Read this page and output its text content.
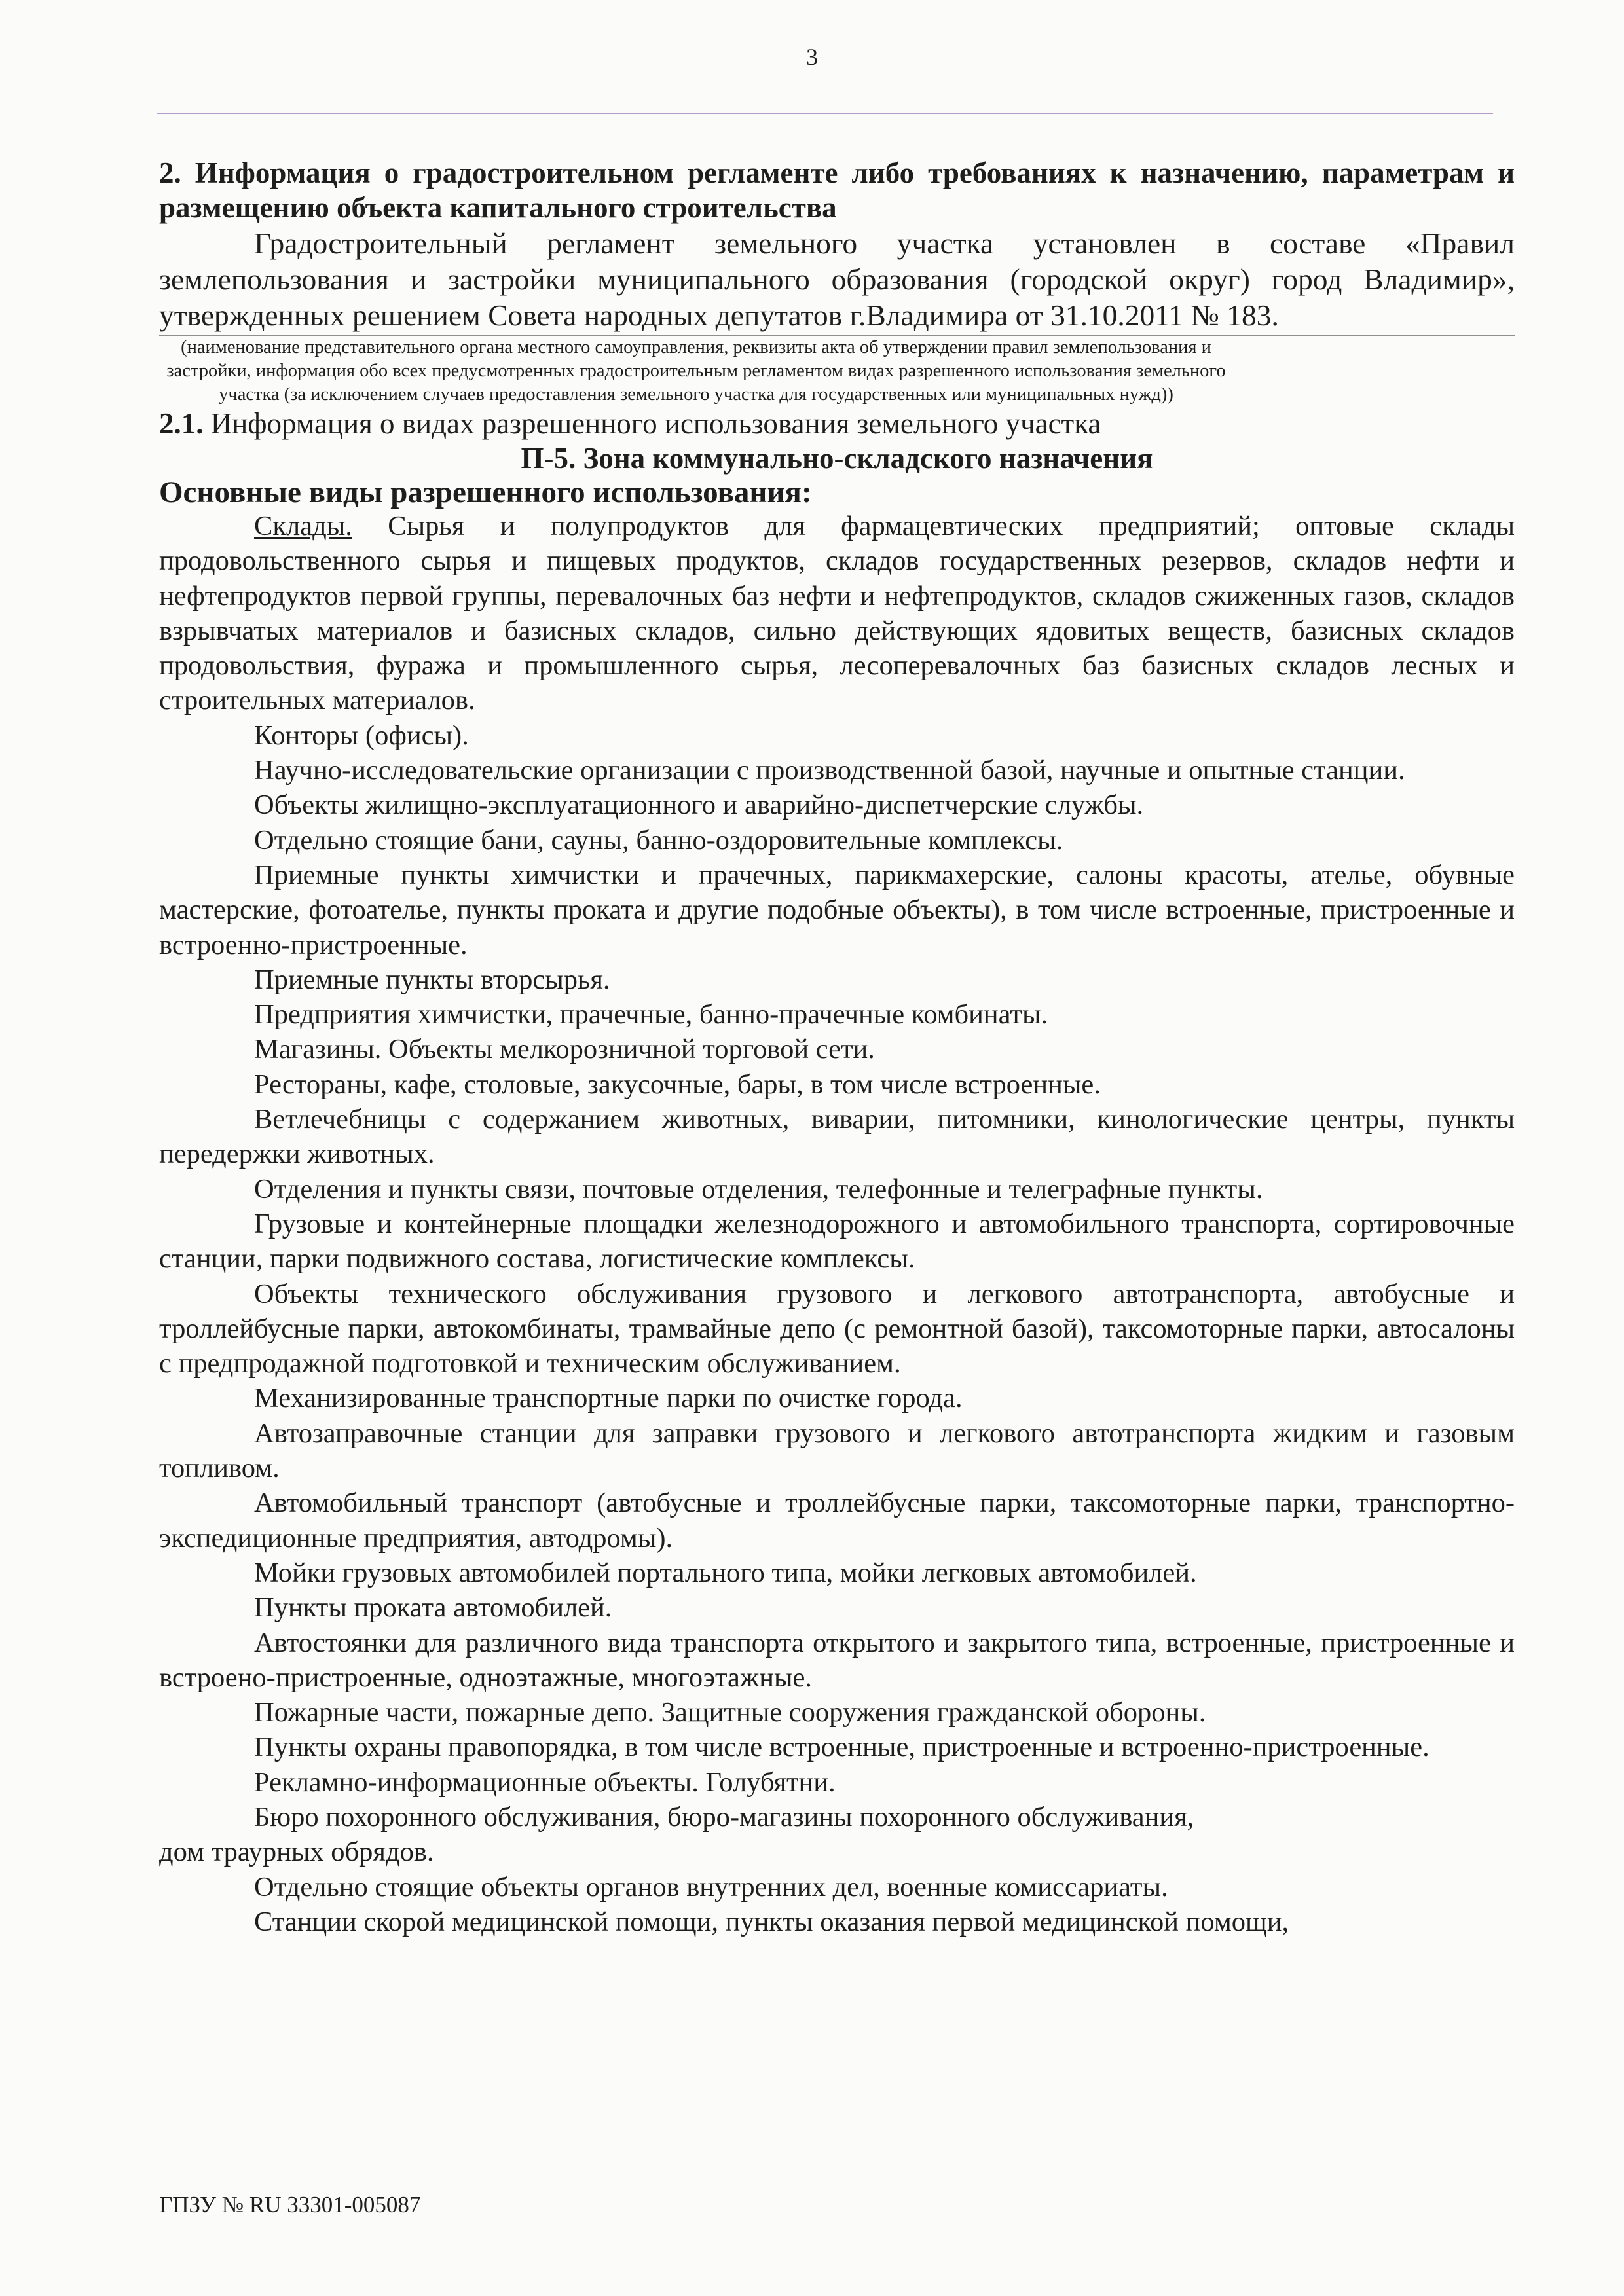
3

2. Информация о градостроительном регламенте либо требованиях к назначению, параметрам и размещению объекта капитального строительства

Градостроительный регламент земельного участка установлен в составе «Правил землепользования и застройки муниципального образования (городской округ) город Владимир», утвержденных решением Совета народных депутатов г.Владимира от 31.10.2011 № 183.

(наименование представительного органа местного самоуправления, реквизиты акта об утверждении правил землепользования и застройки, информация обо всех предусмотренных градостроительным регламентом видах разрешенного использования земельного участка (за исключением случаев предоставления земельного участка для государственных или муниципальных нужд))

2.1. Информация о видах разрешенного использования земельного участка

П-5. Зона коммунально-складского назначения

Основные виды разрешенного использования:

Склады. Сырья и полупродуктов для фармацевтических предприятий; оптовые склады продовольственного сырья и пищевых продуктов, складов государственных резервов, складов нефти и нефтепродуктов первой группы, перевалочных баз нефти и нефтепродуктов, складов сжиженных газов, складов взрывчатых материалов и базисных складов, сильно действующих ядовитых веществ, базисных складов продовольствия, фуража и промышленного сырья, лесоперевалочных баз базисных складов лесных и строительных материалов.

Конторы (офисы).

Научно-исследовательские организации с производственной базой, научные и опытные станции.

Объекты жилищно-эксплуатационного и аварийно-диспетчерские службы.

Отдельно стоящие бани, сауны, банно-оздоровительные комплексы.

Приемные пункты химчистки и прачечных, парикмахерские, салоны красоты, ателье, обувные мастерские, фотоателье, пункты проката и другие подобные объекты), в том числе встроенные, пристроенные и встроенно-пристроенные.

Приемные пункты вторсырья.

Предприятия химчистки, прачечные, банно-прачечные комбинаты.

Магазины. Объекты мелкорозничной торговой сети.

Рестораны, кафе, столовые, закусочные, бары, в том числе встроенные.

Ветлечебницы с содержанием животных, виварии, питомники, кинологические центры, пункты передержки животных.

Отделения и пункты связи, почтовые отделения, телефонные и телеграфные пункты.

Грузовые и контейнерные площадки железнодорожного и автомобильного транспорта, сортировочные станции, парки подвижного состава, логистические комплексы.

Объекты технического обслуживания грузового и легкового автотранспорта, автобусные и троллейбусные парки, автокомбинаты, трамвайные депо (с ремонтной базой), таксомоторные парки, автосалоны с предпродажной подготовкой и техническим обслуживанием.

Механизированные транспортные парки по очистке города.

Автозаправочные станции для заправки грузового и легкового автотранспорта жидким и газовым топливом.

Автомобильный транспорт (автобусные и троллейбусные парки, таксомоторные парки, транспортно-экспедиционные предприятия, автодромы).

Мойки грузовых автомобилей портального типа, мойки легковых автомобилей.

Пункты проката автомобилей.

Автостоянки для различного вида транспорта открытого и закрытого типа, встроенные, пристроенные и встроено-пристроенные, одноэтажные, многоэтажные.

Пожарные части, пожарные депо. Защитные сооружения гражданской обороны.

Пункты охраны правопорядка, в том числе встроенные, пристроенные и встроенно-пристроенные.

Рекламно-информационные объекты. Голубятни.

Бюро похоронного обслуживания, бюро-магазины похоронного обслуживания,

дом траурных обрядов.

Отдельно стоящие объекты органов внутренних дел, военные комиссариаты.

Станции скорой медицинской помощи, пункты оказания первой медицинской помощи,

ГПЗУ № RU 33301-005087
